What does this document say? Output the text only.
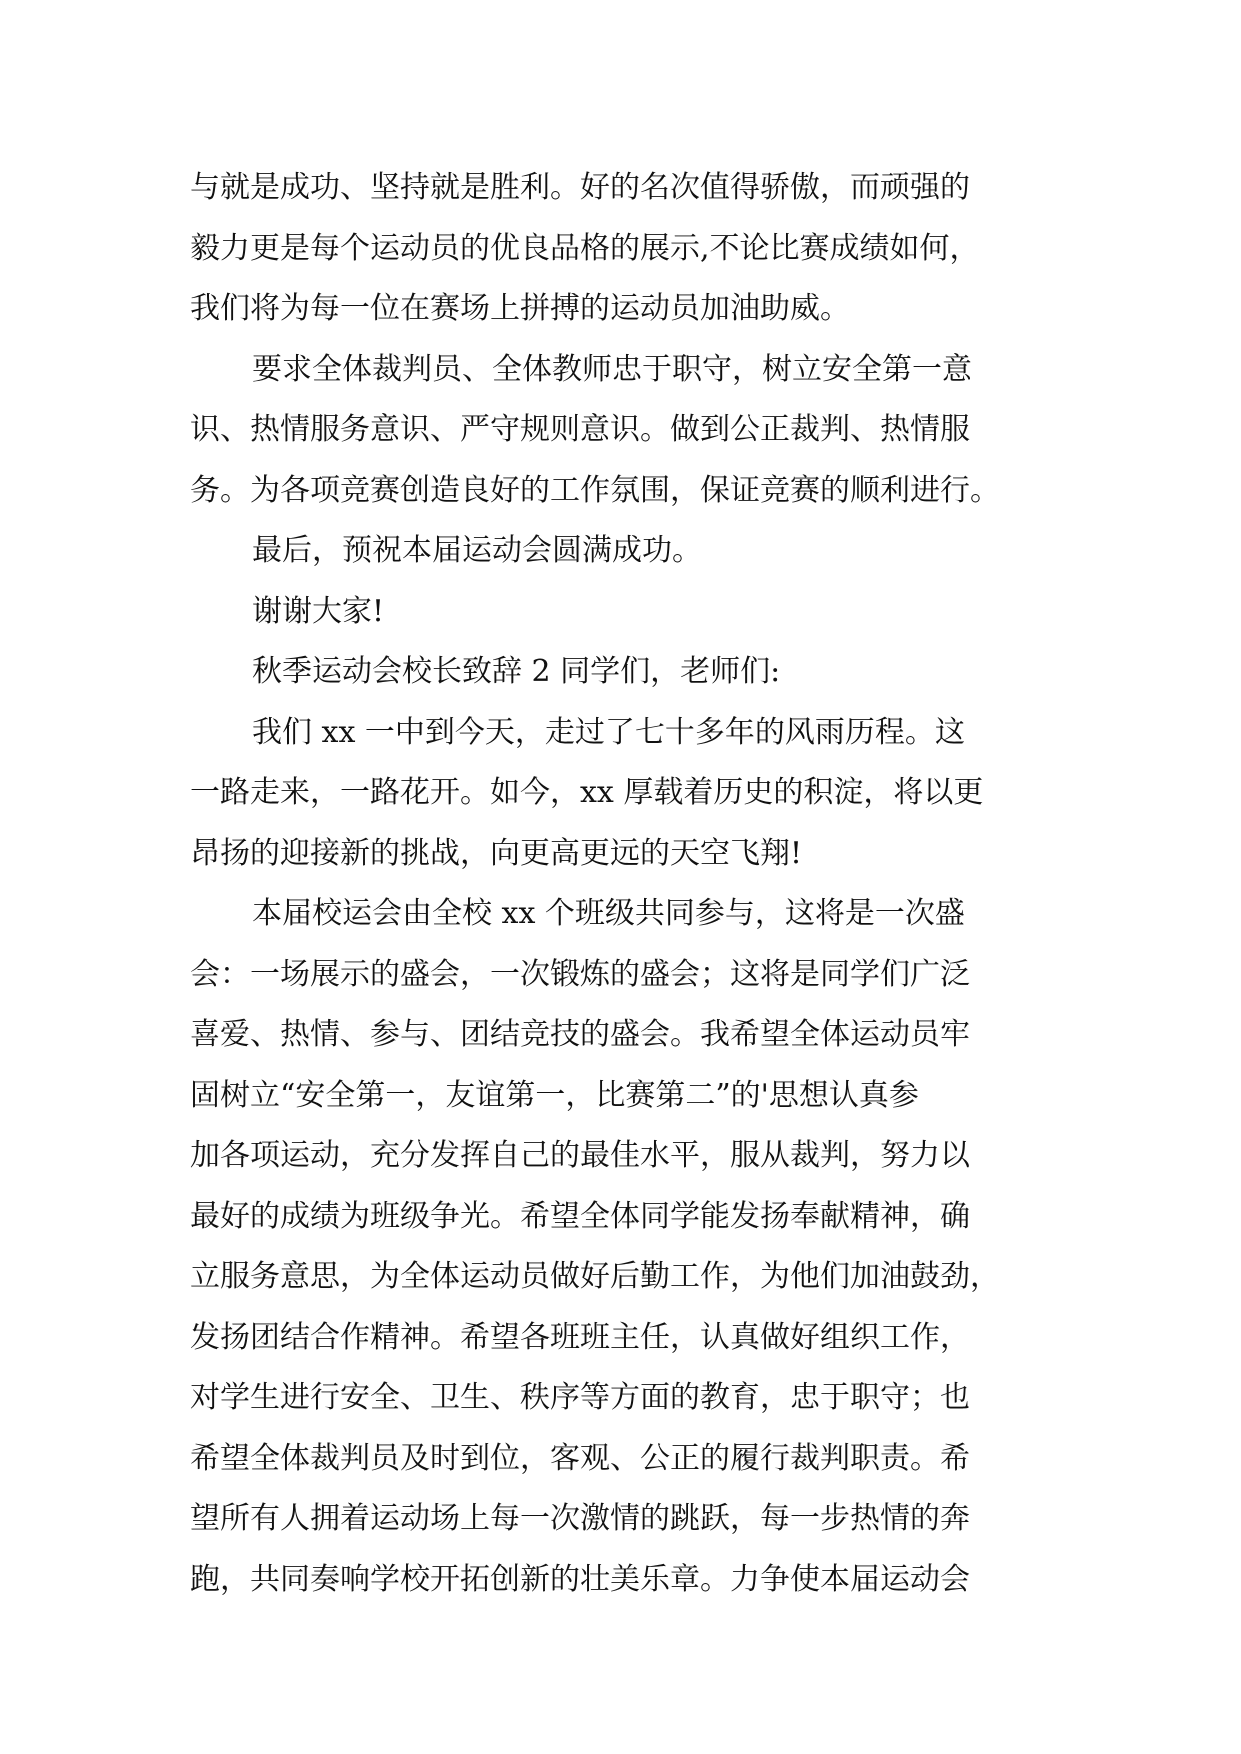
与就是成功、坚持就是胜利。好的名次值得骄傲，而顽强的
毅力更是每个运动员的优良品格的展示,不论比赛成绩如何，
我们将为每一位在赛场上拼搏的运动员加油助威。
要求全体裁判员、全体教师忠于职守，树立安全第一意
识、热情服务意识、严守规则意识。做到公正裁判、热情服
务。为各项竞赛创造良好的工作氛围，保证竞赛的顺利进行。
最后，预祝本届运动会圆满成功。
谢谢大家!
秋季运动会校长致辞 2 同学们，老师们:
我们 xx 一中到今天，走过了七十多年的风雨历程。这
一路走来，一路花开。如今，xx 厚载着历史的积淀，将以更
昂扬的迎接新的挑战，向更高更远的天空飞翔!
本届校运会由全校 xx 个班级共同参与，这将是一次盛
会：一场展示的盛会，一次锻炼的盛会；这将是同学们广泛
喜爱、热情、参与、团结竞技的盛会。我希望全体运动员牢
固树立“安全第一，友谊第一，比赛第二”的'思想认真参
加各项运动，充分发挥自己的最佳水平，服从裁判，努力以
最好的成绩为班级争光。希望全体同学能发扬奉献精神，确
立服务意思，为全体运动员做好后勤工作，为他们加油鼓劲，
发扬团结合作精神。希望各班班主任，认真做好组织工作，
对学生进行安全、卫生、秩序等方面的教育，忠于职守；也
希望全体裁判员及时到位，客观、公正的履行裁判职责。希
望所有人拥着运动场上每一次激情的跳跃，每一步热情的奔
跑，共同奏响学校开拓创新的壮美乐章。力争使本届运动会
